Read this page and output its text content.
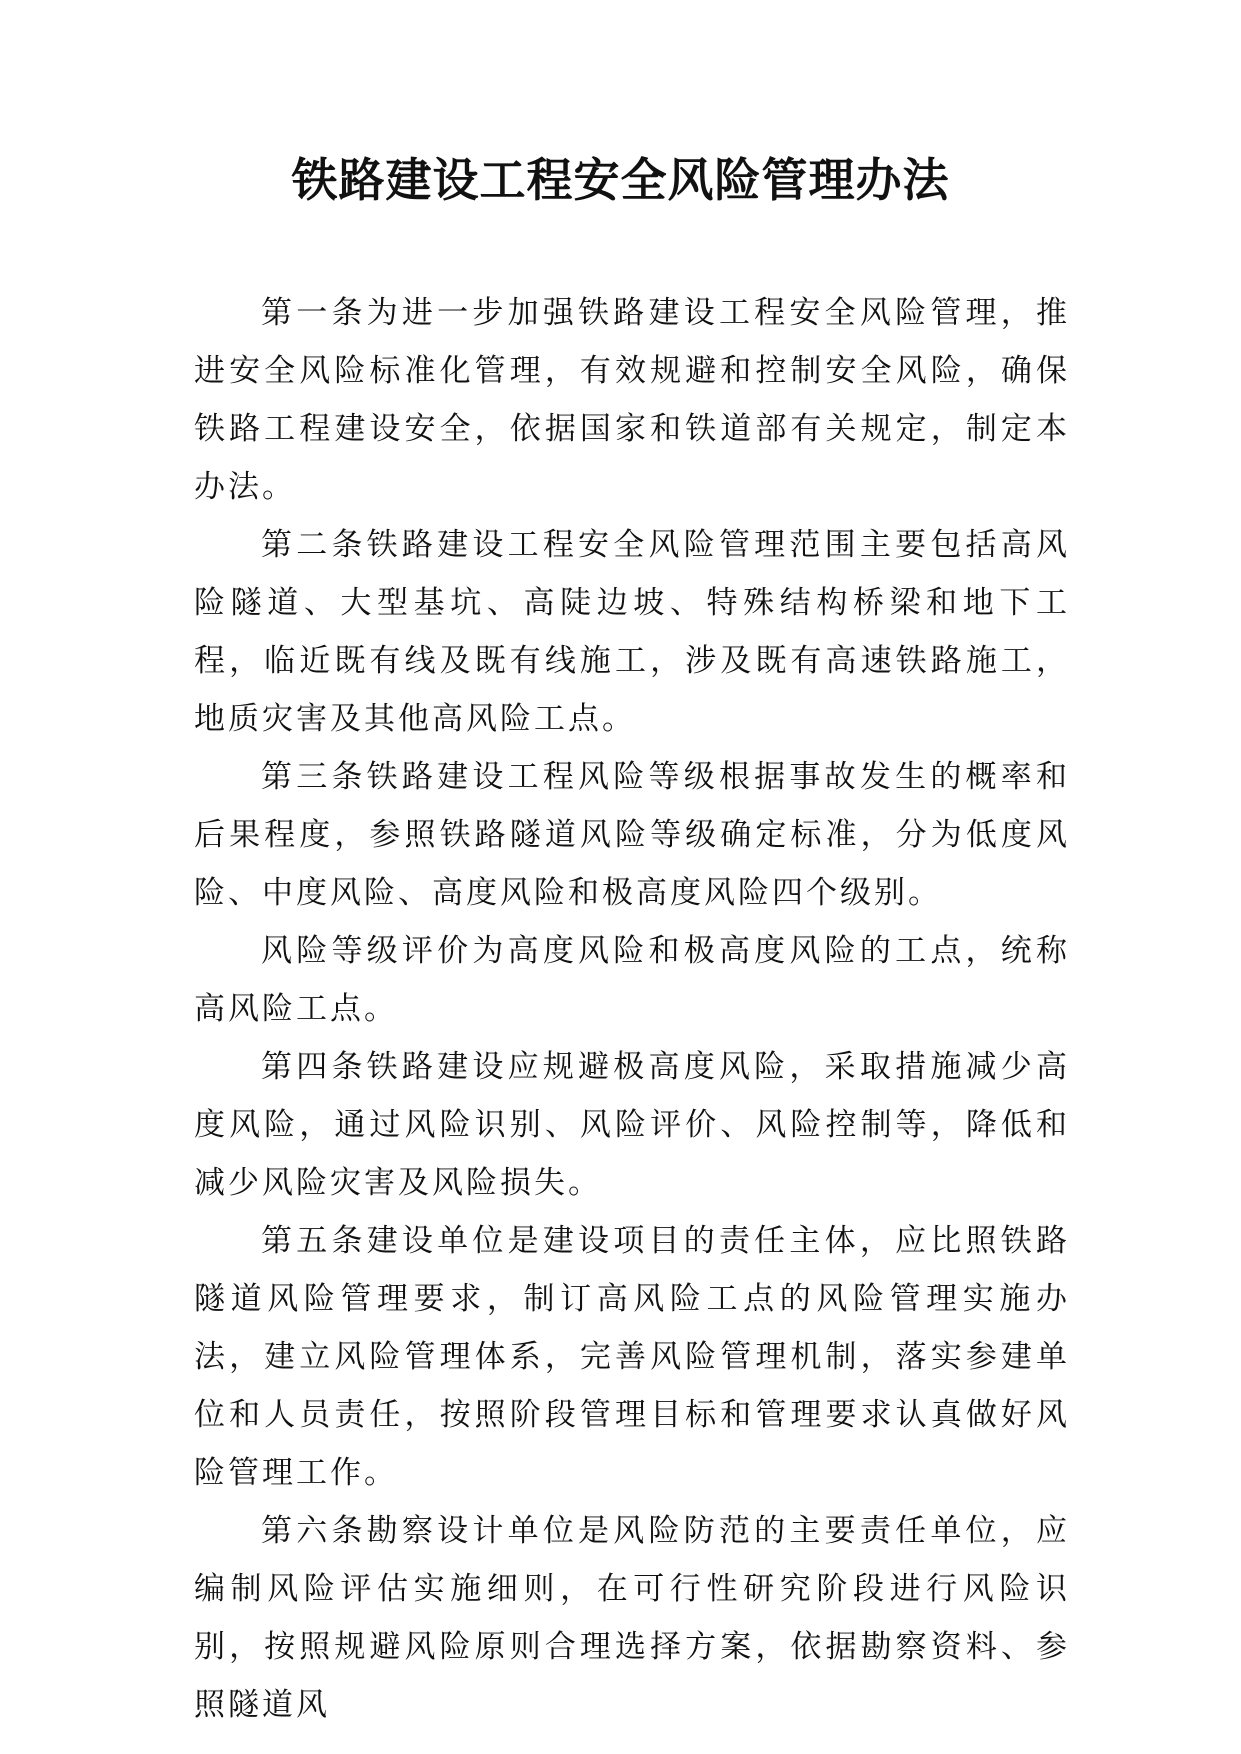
铁路建设工程安全风险管理办法

第一条为进一步加强铁路建设工程安全风险管理，推进安全风险标准化管理，有效规避和控制安全风险，确保铁路工程建设安全，依据国家和铁道部有关规定，制定本办法。

第二条铁路建设工程安全风险管理范围主要包括高风险隧道、大型基坑、高陡边坡、特殊结构桥梁和地下工程，临近既有线及既有线施工，涉及既有高速铁路施工，地质灾害及其他高风险工点。

第三条铁路建设工程风险等级根据事故发生的概率和后果程度，参照铁路隧道风险等级确定标准，分为低度风险、中度风险、高度风险和极高度风险四个级别。

风险等级评价为高度风险和极高度风险的工点，统称高风险工点。

第四条铁路建设应规避极高度风险，采取措施减少高度风险，通过风险识别、风险评价、风险控制等，降低和减少风险灾害及风险损失。

第五条建设单位是建设项目的责任主体，应比照铁路隧道风险管理要求，制订高风险工点的风险管理实施办法，建立风险管理体系，完善风险管理机制，落实参建单位和人员责任，按照阶段管理目标和管理要求认真做好风险管理工作。

第六条勘察设计单位是风险防范的主要责任单位，应编制风险评估实施细则，在可行性研究阶段进行风险识别，按照规避风险原则合理选择方案，依据勘察资料、参照隧道风
